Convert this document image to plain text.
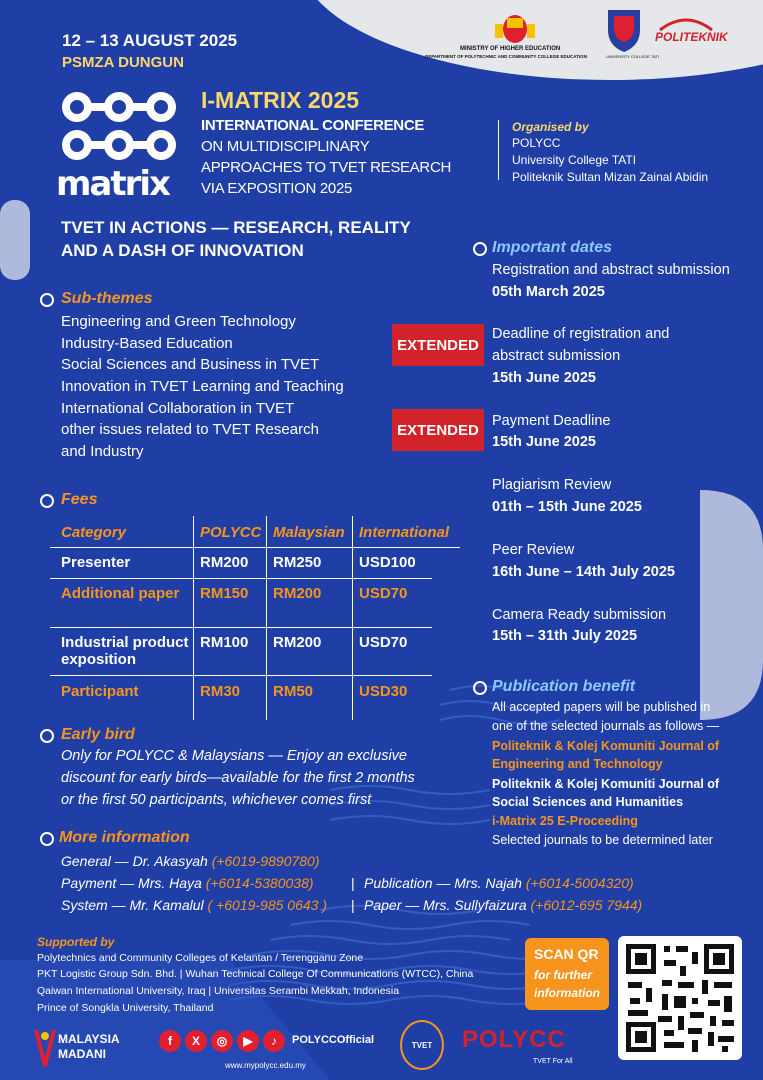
12 – 13 AUGUST 2025
PSMZA DUNGUN
MINISTRY OF HIGHER EDUCATION
DEPARTMENT OF POLYTECHNIC AND COMMUNITY COLLEGE EDUCATION	UNIVERSITY COLLEGE TATI
POLITEKNIK
matrix
I-MATRIX 2025
INTERNATIONAL CONFERENCE
ON MULTIDISCIPLINARY
APPROACHES TO TVET RESEARCH
VIA EXPOSITION 2025
Organised by
POLYCC
University College TATI
Politeknik Sultan Mizan Zainal Abidin
TVET IN ACTIONS — RESEARCH, REALITY
AND A DASH OF INNOVATION
Sub-themes
Engineering and Green Technology
Industry-Based Education
Social Sciences and Business in TVET
Innovation in TVET Learning and Teaching
International Collaboration in TVET
other issues related to TVET Research
and Industry
Fees
Category	POLYCC Malaysian International
Presenter	RM200 RM250	USD100
Additional paper RM150 RM200	USD70
Industrial product exposition
RM100 RM200	USD70
Participant	RM30 RM50	USD30
Early bird
Only for POLYCC & Malaysians — Enjoy an exclusive
discount for early birds—available for the first 2 months
or the first 50 participants, whichever comes first
More information
General — Dr. Akasyah (+6019-9890780)
Payment — Mrs. Haya (+6014-5380038)	| Publication — Mrs. Najah (+6014-5004320)
System — Mr. Kamalul ( +6019-985 0643 ) | Paper — Mrs. Sullyfaizura (+6012-695 7944)
Important dates
Registration and abstract submission
05th March 2025
EXTENDED
Deadline of registration and
abstract submission
15th June 2025
EXTENDED
Payment Deadline
15th June 2025
Plagiarism Review
01th – 15th June 2025
Peer Review
16th June – 14th July 2025
Camera Ready submission
15th – 31th July 2025
Publication benefit
All accepted papers will be published in
one of the selected journals as follows —
Politeknik & Kolej Komuniti Journal of
Engineering and Technology
Politeknik & Kolej Komuniti Journal of
Social Sciences and Humanities
i-Matrix 25 E-Proceeding
Selected journals to be determined later
Supported by
Polytechnics and Community Colleges of Kelantan / Terengganu Zone
PKT Logistic Group Sdn. Bhd. | Wuhan Technical College Of Communications (WTCC), China
Qaiwan International University, Iraq | Universitas Serambi Mekkah, Indonesia
Prince of Songkla University, Thailand
SCAN QR
for further
information
MALAYSIA
MADANI
f	X	◎	▶	♪	POLYCCOfficial
www.mypolycc.edu.my
TVET POLYCC
TVET For All
